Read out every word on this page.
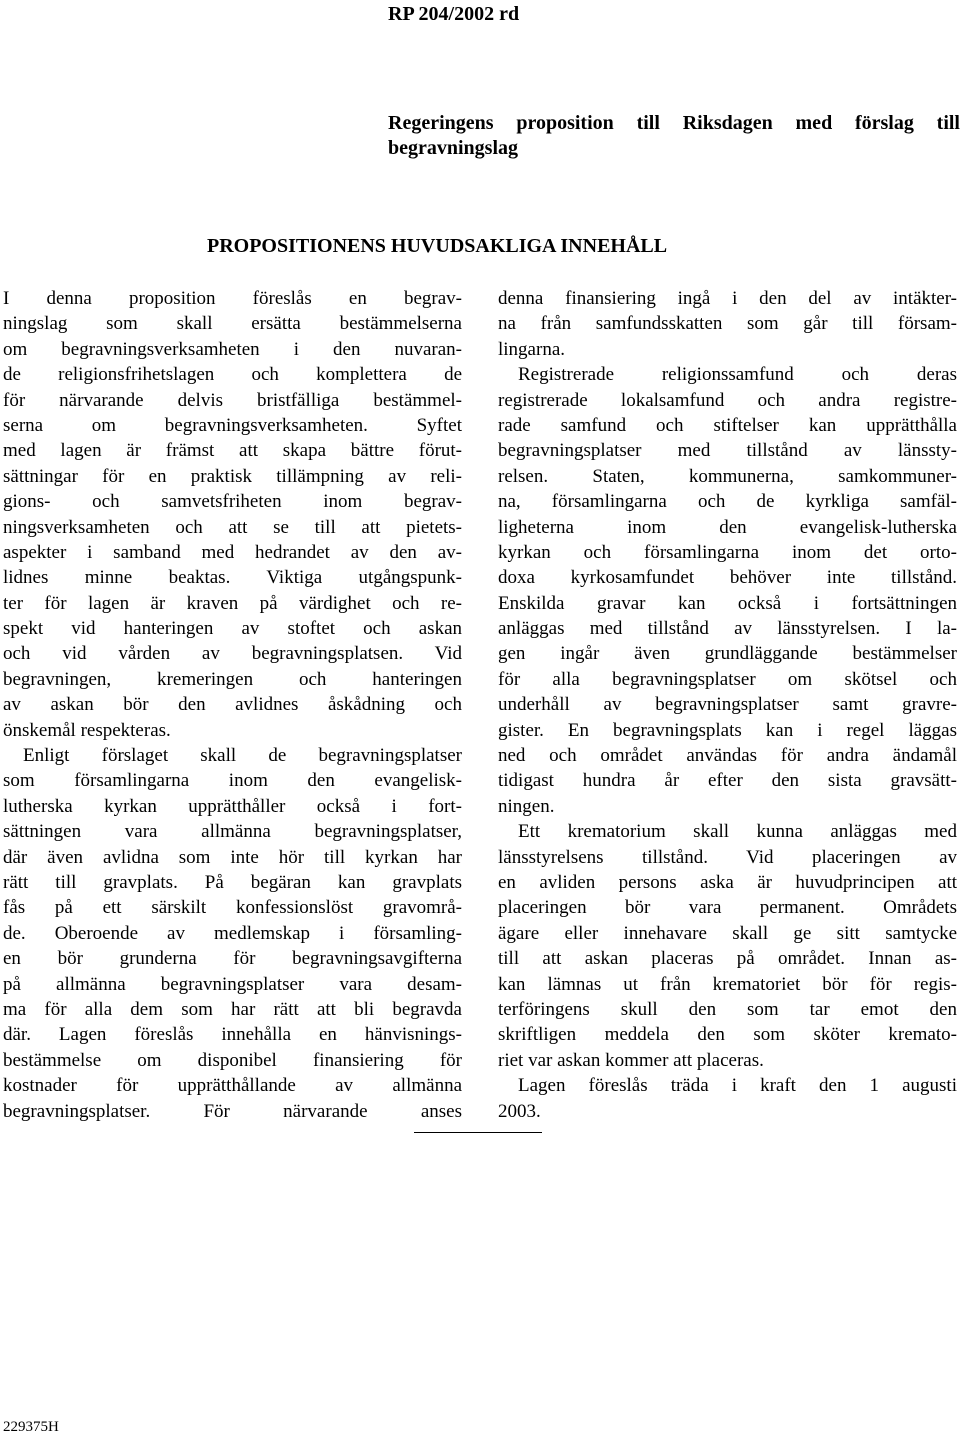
RP 204/2002 rd
Regeringens proposition till Riksdagen med förslag till
begravningslag
PROPOSITIONENS HUVUDSAKLIGA INNEHÅLL
I denna proposition föreslås en begrav-
ningslag som skall ersätta bestämmelserna
om begravningsverksamheten i den nuvaran-
de religionsfrihetslagen och komplettera de
för närvarande delvis bristfälliga bestämmel-
serna om begravningsverksamheten. Syftet
med lagen är främst att skapa bättre förut-
sättningar för en praktisk tillämpning av reli-
gions- och samvetsfriheten inom begrav-
ningsverksamheten och att se till att pietets-
aspekter i samband med hedrandet av den av-
lidnes minne beaktas. Viktiga utgångspunk-
ter för lagen är kraven på värdighet och re-
spekt vid hanteringen av stoftet och askan
och vid vården av begravningsplatsen. Vid
begravningen, kremeringen och hanteringen
av askan bör den avlidnes åskådning och
önskemål respekteras.
Enligt förslaget skall de begravningsplatser
som församlingarna inom den evangelisk-
lutherska kyrkan upprätthåller också i fort-
sättningen vara allmänna begravningsplatser,
där även avlidna som inte hör till kyrkan har
rätt till gravplats. På begäran kan gravplats
fås på ett särskilt konfessionslöst gravområ-
de. Oberoende av medlemskap i församling-
en bör grunderna för begravningsavgifterna
på allmänna begravningsplatser vara desam-
ma för alla dem som har rätt att bli begravda
där. Lagen föreslås innehålla en hänvisnings-
bestämmelse om disponibel finansiering för
kostnader för upprätthållande av allmänna
begravningsplatser. För närvarande anses
denna finansiering ingå i den del av intäkter-
na från samfundsskatten som går till försam-
lingarna.
Registrerade religionssamfund och deras
registrerade lokalsamfund och andra registre-
rade samfund och stiftelser kan upprätthålla
begravningsplatser med tillstånd av länssty-
relsen. Staten, kommunerna, samkommuner-
na, församlingarna och de kyrkliga samfäl-
ligheterna inom den evangelisk-lutherska
kyrkan och församlingarna inom det orto-
doxa kyrkosamfundet behöver inte tillstånd.
Enskilda gravar kan också i fortsättningen
anläggas med tillstånd av länsstyrelsen. I la-
gen ingår även grundläggande bestämmelser
för alla begravningsplatser om skötsel och
underhåll av begravningsplatser samt gravre-
gister. En begravningsplats kan i regel läggas
ned och området användas för andra ändamål
tidigast hundra år efter den sista gravsätt-
ningen.
Ett krematorium skall kunna anläggas med
länsstyrelsens tillstånd. Vid placeringen av
en avliden persons aska är huvudprincipen att
placeringen bör vara permanent. Områdets
ägare eller innehavare skall ge sitt samtycke
till att askan placeras på området. Innan as-
kan lämnas ut från krematoriet bör för regis-
terföringens skull den som tar emot den
skriftligen meddela den som sköter kremato-
riet var askan kommer att placeras.
Lagen föreslås träda i kraft den 1 augusti
2003.
229375H
